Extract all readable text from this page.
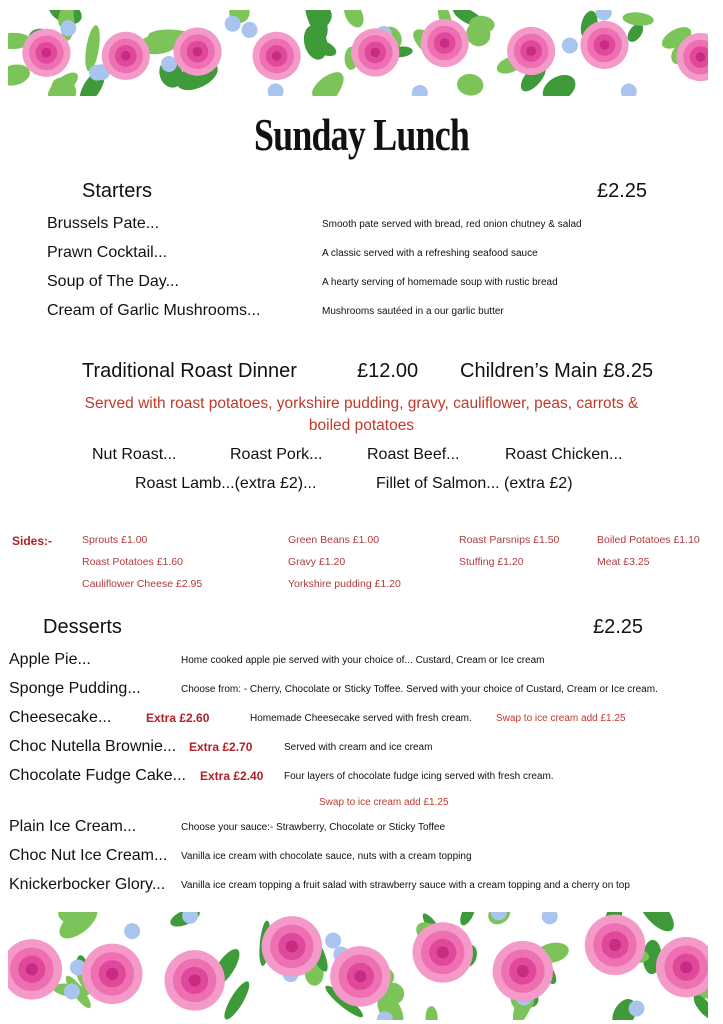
Sunday Lunch
Starters	£2.25
Traditional Roast Dinner	£12.00 Children’s Main £8.25
Served with roast potatoes, yorkshire pudding, gravy, cauliflower, peas, carrots &
boiled potatoes
Nut Roast...	Roast Pork...	Roast Beef...	Roast Chicken...
Roast Lamb...(extra £2)...	Fillet of Salmon... (extra £2)
Sides:-
Desserts	£2.25
Brussels Pate...	Smooth pate served with bread, red onion chutney & salad
Prawn Cocktail...	A classic served with a refreshing seafood sauce
Soup of The Day...	A hearty serving of homemade soup with rustic bread
Cream of Garlic Mushrooms...	Mushrooms sautéed in a our garlic butter
Sprouts £1.00	Green Beans £1.00	Roast Parsnips £1.50	Boiled Potatoes £1.10
Roast Potatoes £1.60	Gravy £1.20	Stuffing £1.20	Meat £3.25
Cauliflower Cheese £2.95	Yorkshire pudding £1.20
Apple Pie...	Home cooked apple pie served with your choice of... Custard, Cream or Ice cream
Sponge Pudding...	Choose from: - Cherry, Chocolate or Sticky Toffee. Served with your choice of Custard, Cream or Ice cream.
Cheesecake...	Extra £2.60	Homemade Cheesecake served with fresh cream. Swap to ice cream add £1.25
Choc Nutella Brownie... Extra £2.70	Served with cream and ice cream
Chocolate Fudge Cake... Extra £2.40 Four layers of chocolate fudge icing served with fresh cream.
Swap to ice cream add £1.25
Plain Ice Cream...	Choose your sauce:- Strawberry, Chocolate or Sticky Toffee
Choc Nut Ice Cream... Vanilla ice cream with chocolate sauce, nuts with a cream topping
Knickerbocker Glory... Vanilla ice cream topping a fruit salad with strawberry sauce with a cream topping and a cherry on top
